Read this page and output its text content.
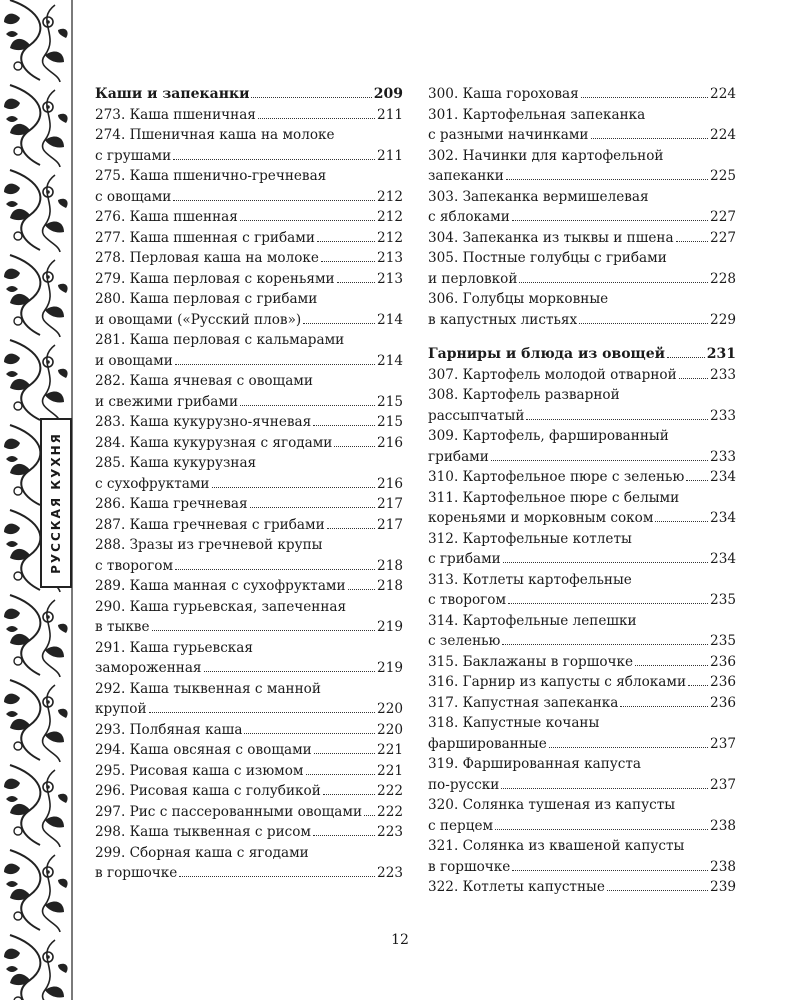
РУССКАЯ КУХНЯ
Каши и запеканки	209
273. Каша пшеничная	211
274. Пшеничная каша на молоке
с грушами	211
275. Каша пшенично-гречневая
с овощами	212
276. Каша пшенная	212
277. Каша пшенная с грибами	212
278. Перловая каша на молоке	213
279. Каша перловая с кореньями	213
280. Каша перловая с грибами
и овощами («Русский плов»)	214
281. Каша перловая с кальмарами
и овощами	214
282. Каша ячневая с овощами
и свежими грибами	215
283. Каша кукурузно-ячневая	215
284. Каша кукурузная с ягодами	216
285. Каша кукурузная
с сухофруктами	216
286. Каша гречневая	217
287. Каша гречневая с грибами	217
288. Зразы из гречневой крупы
с творогом	218
289. Каша манная с сухофруктами 218
290. Каша гурьевская, запеченная
в тыкве	219
291. Каша гурьевская
замороженная	219
292. Каша тыквенная с манной
крупой	220
293. Полбяная каша	220
294. Каша овсяная с овощами	221
295. Рисовая каша с изюмом	221
296. Рисовая каша с голубикой	222
297. Рис с пассерованными овощами 222
298. Каша тыквенная с рисом	223
299. Сборная каша с ягодами
в горшочке	223
300. Каша гороховая	224
301. Картофельная запеканка
с разными начинками	224
302. Начинки для картофельной
запеканки	225
303. Запеканка вермишелевая
с яблоками	227
304. Запеканка из тыквы и пшена	227
305. Постные голубцы с грибами
и перловкой	228
306. Голубцы морковные
в капустных листьях	229
Гарниры и блюда из овощей	231
307. Картофель молодой отварной 233
308. Картофель разварной
рассыпчатый	233
309. Картофель, фаршированный
грибами	233
310. Картофельное пюре с зеленью 234
311. Картофельное пюре с белыми
кореньями и морковным соком	234
312. Картофельные котлеты
с грибами	234
313. Котлеты картофельные
с творогом	235
314. Картофельные лепешки
с зеленью	235
315. Баклажаны в горшочке	236
316. Гарнир из капусты с яблоками 236
317. Капустная запеканка	236
318. Капустные кочаны
фаршированные	237
319. Фаршированная капуста
по-русски	237
320. Солянка тушеная из капусты
с перцем	238
321. Солянка из квашеной капусты
в горшочке	238
322. Котлеты капустные	239
12
